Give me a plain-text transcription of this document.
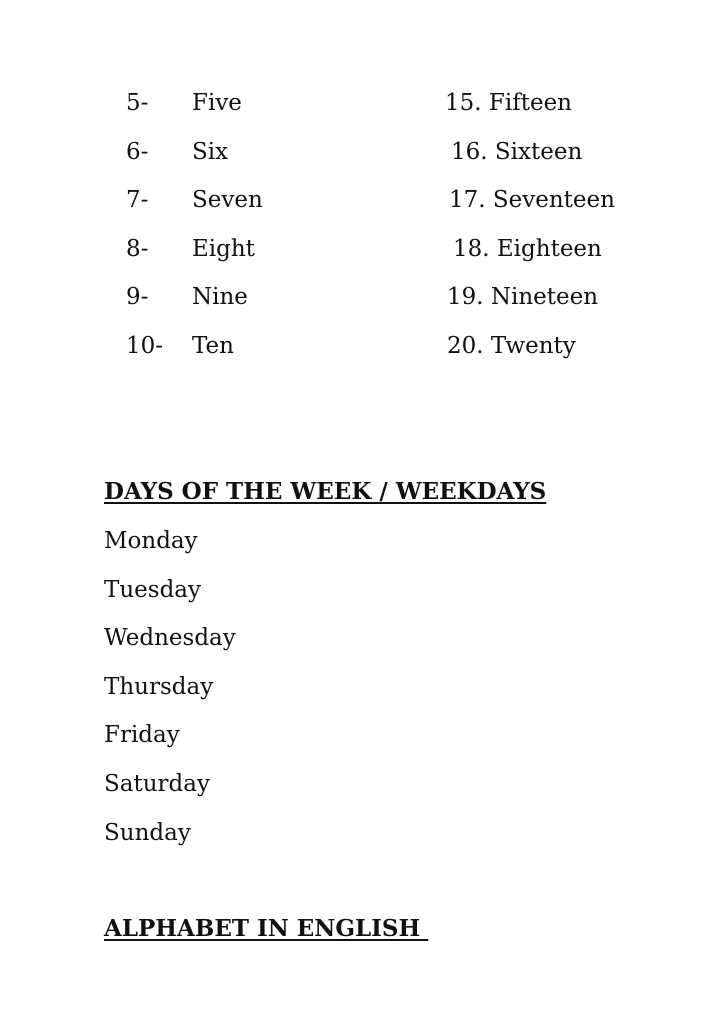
5- Five	15. Fifteen
6- Six	16. Sixteen
7- Seven	17. Seventeen
8- Eight	18. Eighteen
9- Nine	19. Nineteen
10- Ten	20. Twenty
DAYS OF THE WEEK / WEEKDAYS
Monday
Tuesday
Wednesday
Thursday
Friday
Saturday
Sunday
ALPHABET IN ENGLISH
